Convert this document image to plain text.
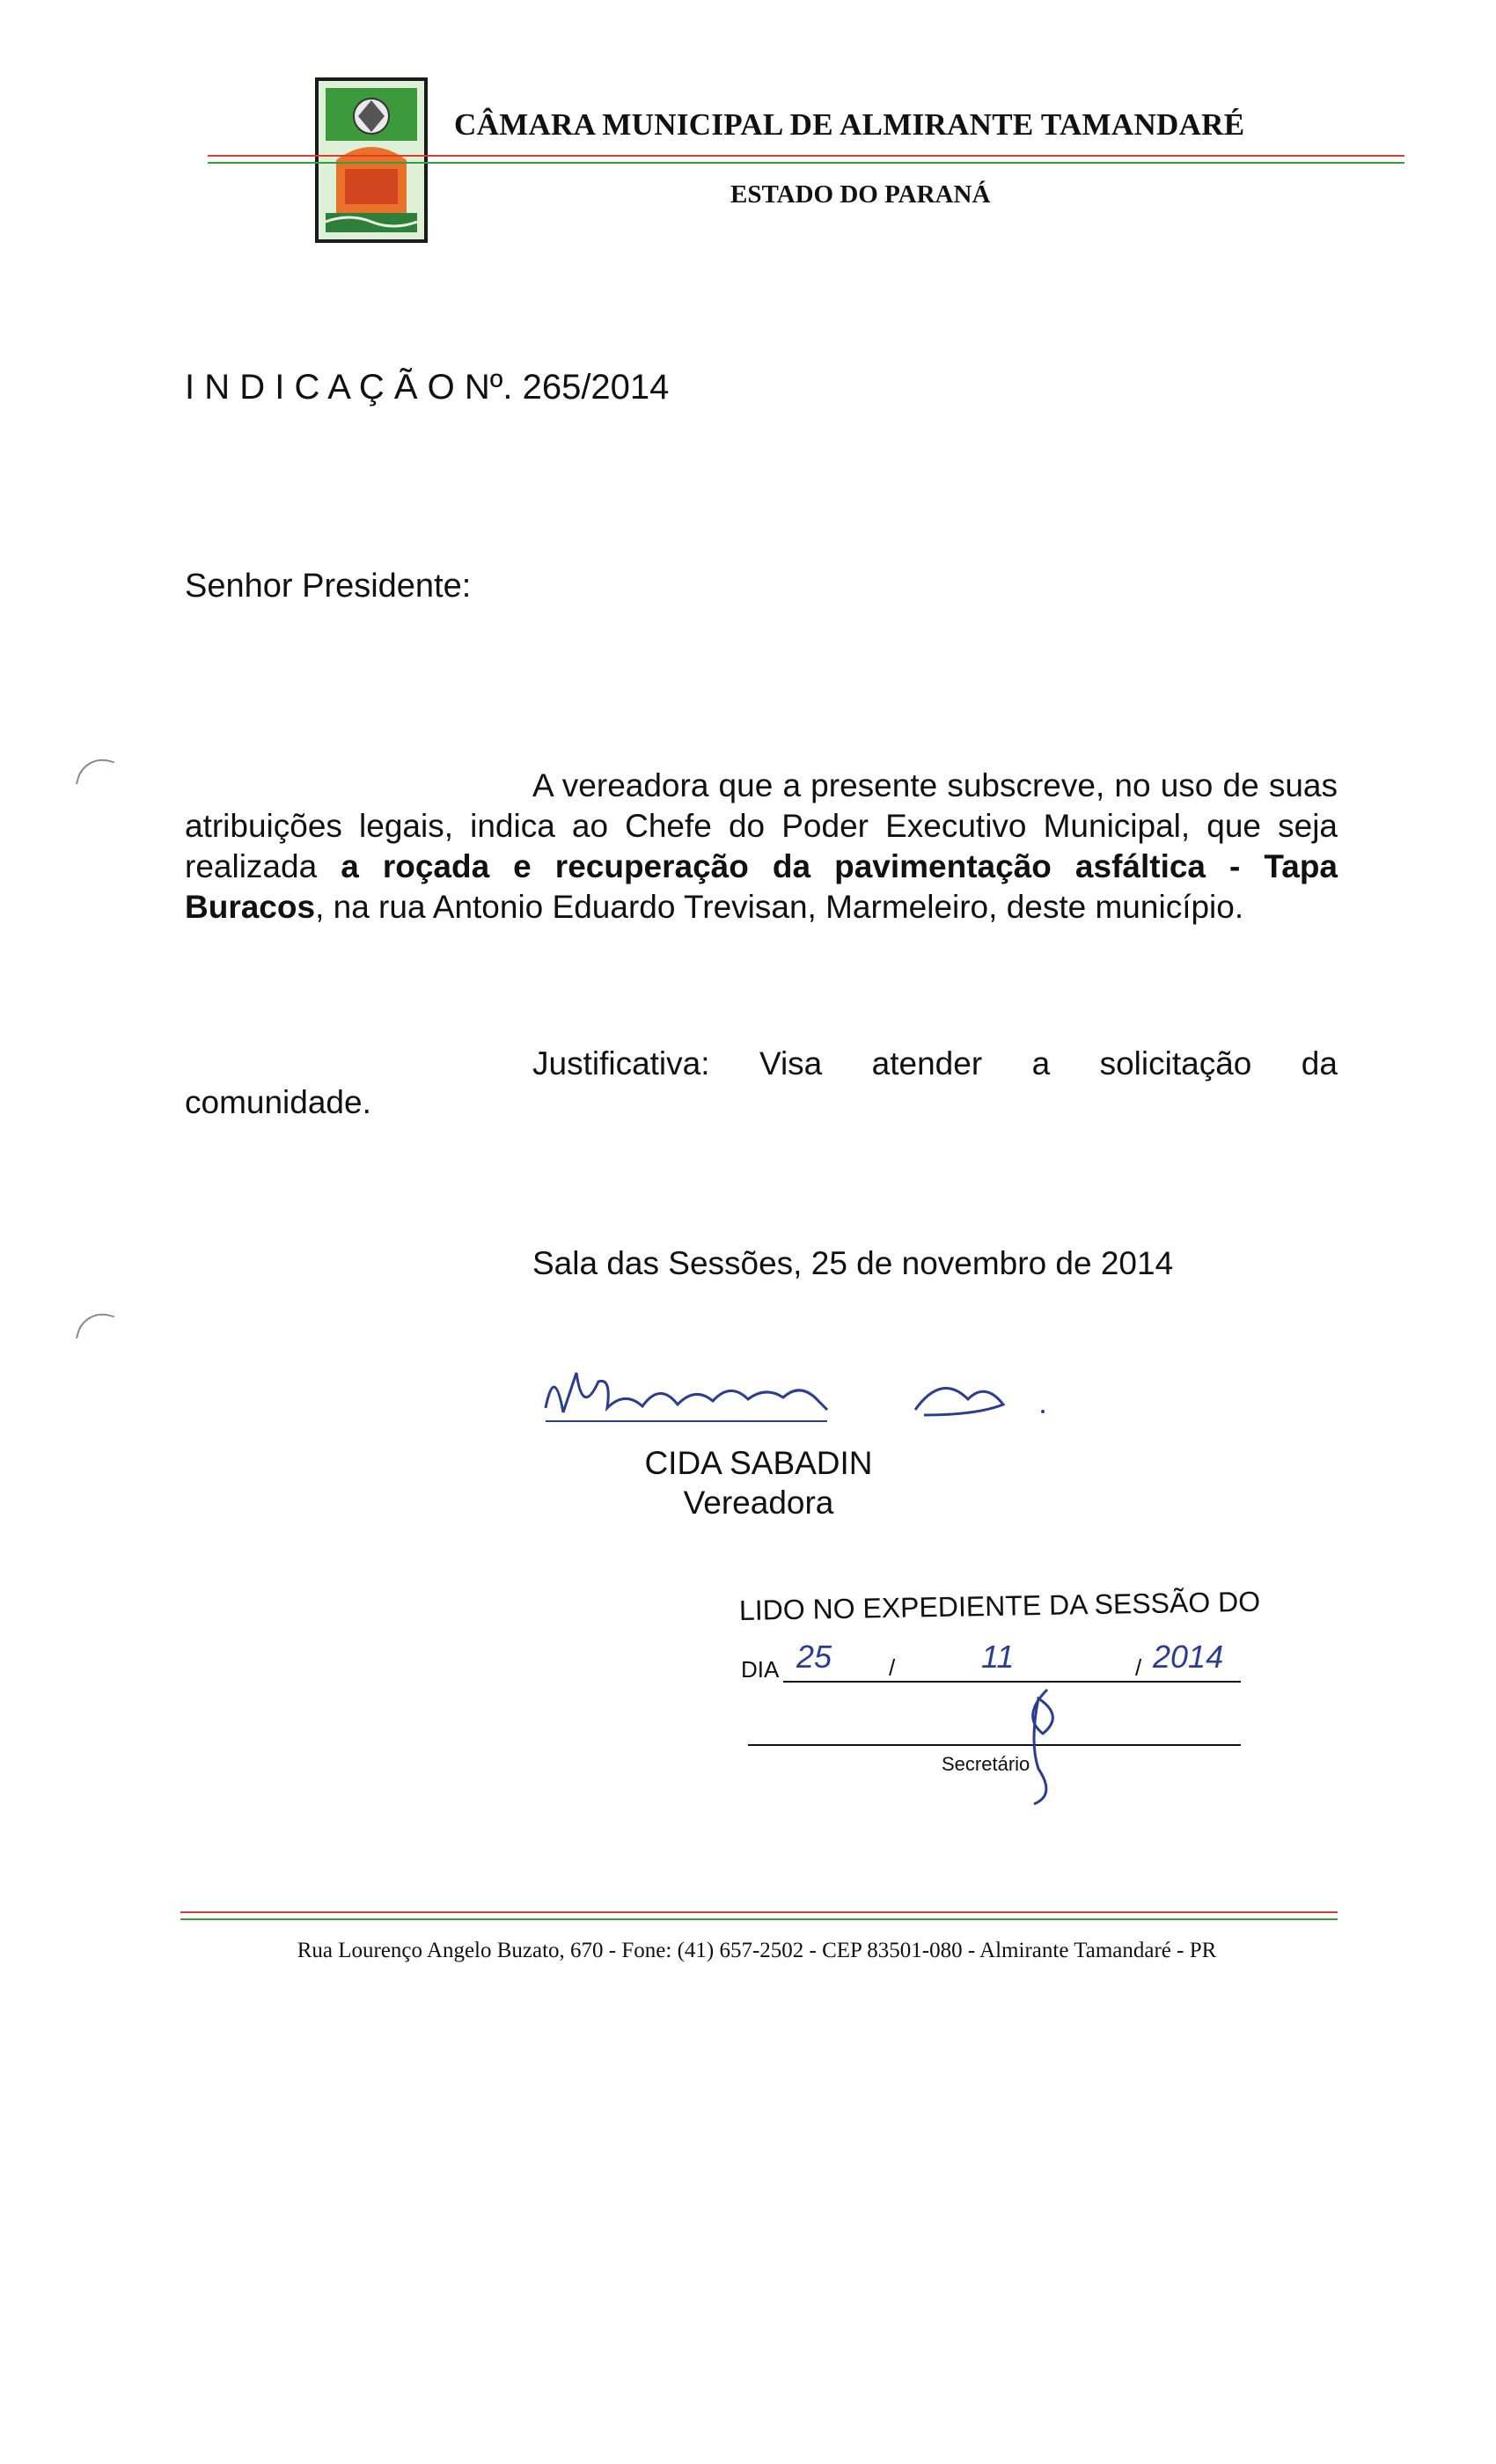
CÂMARA MUNICIPAL DE ALMIRANTE TAMANDARÉ
ESTADO DO PARANÁ
I N D I C A Ç Ã O Nº. 265/2014
Senhor Presidente:
A vereadora que a presente subscreve, no uso de suas atribuições legais, indica ao Chefe do Poder Executivo Municipal, que seja realizada a roçada e recuperação da pavimentação asfáltica - Tapa Buracos, na rua Antonio Eduardo Trevisan, Marmeleiro, deste município.
Justificativa: Visa atender a solicitação da
comunidade.
Sala das Sessões, 25 de novembro de 2014
CIDA SABADIN
Vereadora
LIDO NO EXPEDIENTE DA SESSÃO DO
DIA 25 /	11	/ 2014
Secretário
Rua Lourenço Angelo Buzato, 670 - Fone: (41) 657-2502 - CEP 83501-080 - Almirante Tamandaré - PR
